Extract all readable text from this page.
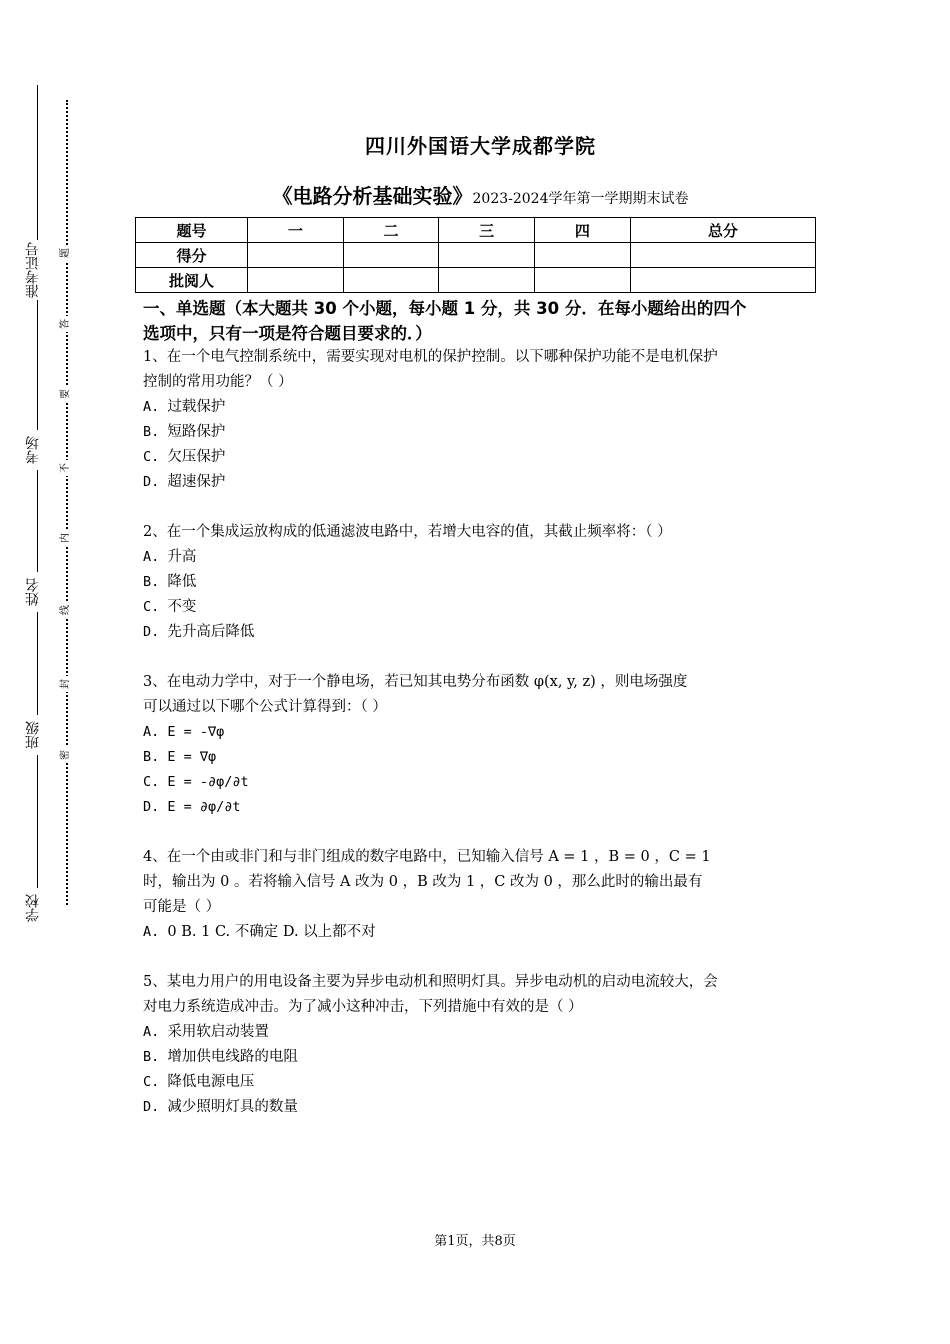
准考证号
考场
姓名
班级
学校
题
答
要
不
内
线
封
密
四川外国语大学成都学院
《电路分析基础实验》2023-2024学年第一学期期末试卷
题号	一	二	三	四	总分
得分					
批阅人					
一、单选题（本大题共 30 个小题，每小题 1 分，共 30 分．在每小题给出的四个
选项中，只有一项是符合题目要求的．）

1、在一个电气控制系统中，需要实现对电机的保护控制。以下哪种保护功能不是电机保护

控制的常用功能？（ ）

A. 过载保护

B. 短路保护

C. 欠压保护

D. 超速保护

2、在一个集成运放构成的低通滤波电路中，若增大电容的值，其截止频率将：（ ）

A. 升高

B. 降低

C. 不变

D. 先升高后降低

3、在电动力学中，对于一个静电场，若已知其电势分布函数 φ(x, y, z) ，则电场强度

可以通过以下哪个公式计算得到：（ ）

A. E = -∇φ

B. E = ∇φ

C. E = -∂φ/∂t

D. E = ∂φ/∂t

4、在一个由或非门和与非门组成的数字电路中，已知输入信号 A = 1 ，B = 0 ，C = 1

时，输出为 0 。若将输入信号 A 改为 0 ，B 改为 1 ，C 改为 0 ，那么此时的输出最有

可能是（ ）

A. 0 B. 1 C. 不确定 D. 以上都不对

5、某电力用户的用电设备主要为异步电动机和照明灯具。异步电动机的启动电流较大，会

对电力系统造成冲击。为了减小这种冲击，下列措施中有效的是（ ）

A. 采用软启动装置

B. 增加供电线路的电阻

C. 降低电源电压

D. 减少照明灯具的数量

第1页，共8页
